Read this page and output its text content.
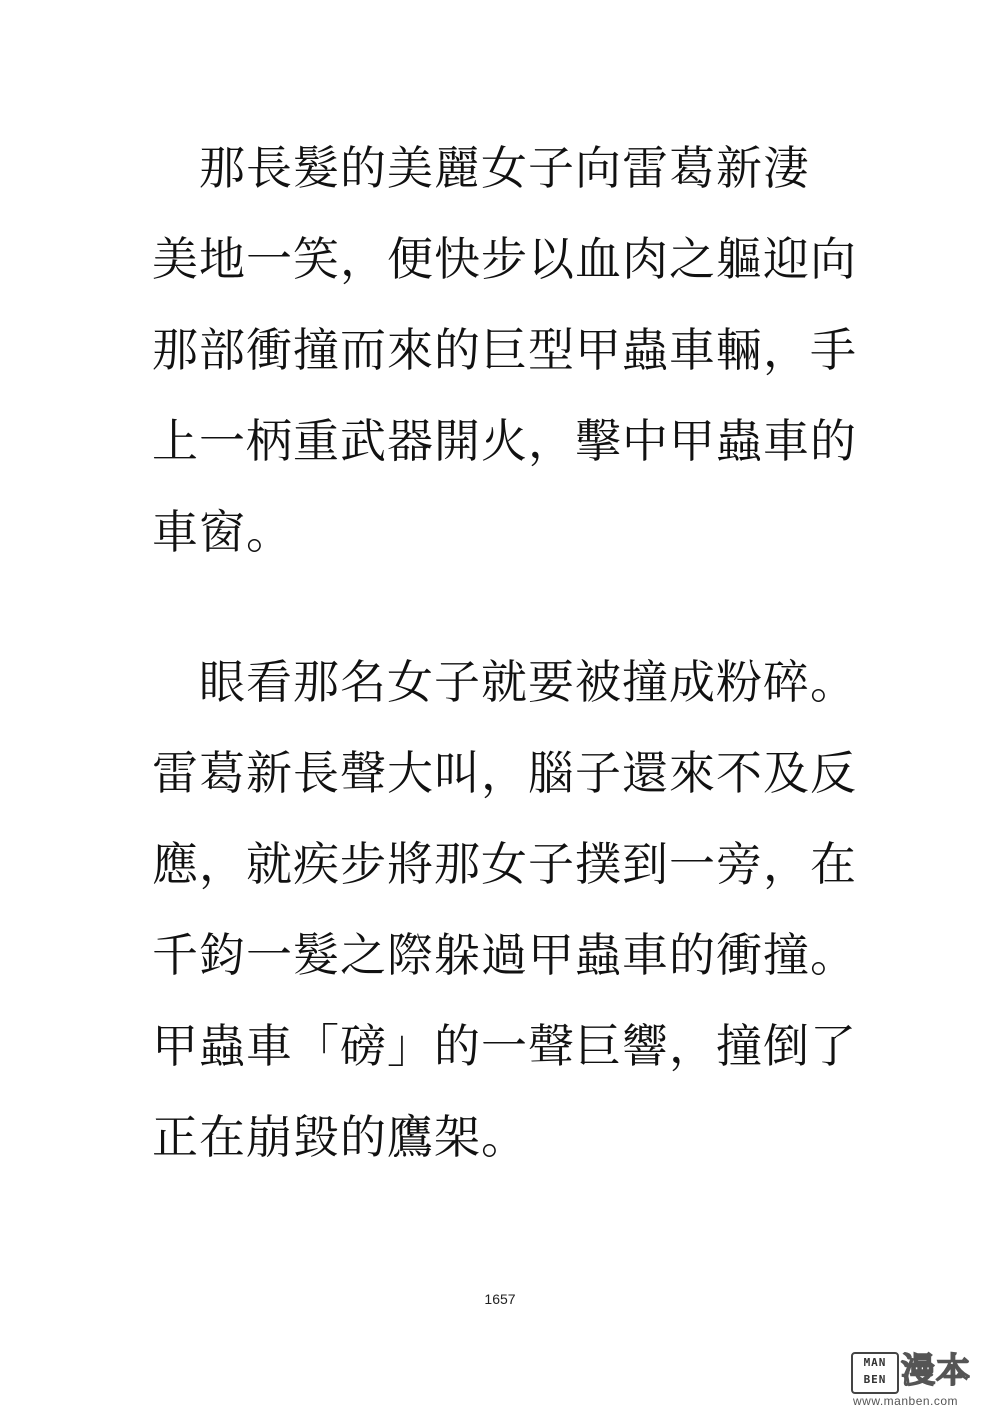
　那長髮的美麗女子向雷葛新淒
美地一笑，便快步以血肉之軀迎向
那部衝撞而來的巨型甲蟲車輛，手
上一柄重武器開火，擊中甲蟲車的
車窗。
　眼看那名女子就要被撞成粉碎。
雷葛新長聲大叫，腦子還來不及反
應，就疾步將那女子撲到一旁，在
千鈞一髮之際躲過甲蟲車的衝撞。
甲蟲車「磅」的一聲巨響，撞倒了
正在崩毀的鷹架。
1657
MAN
BEN 漫本
www.manben.com
